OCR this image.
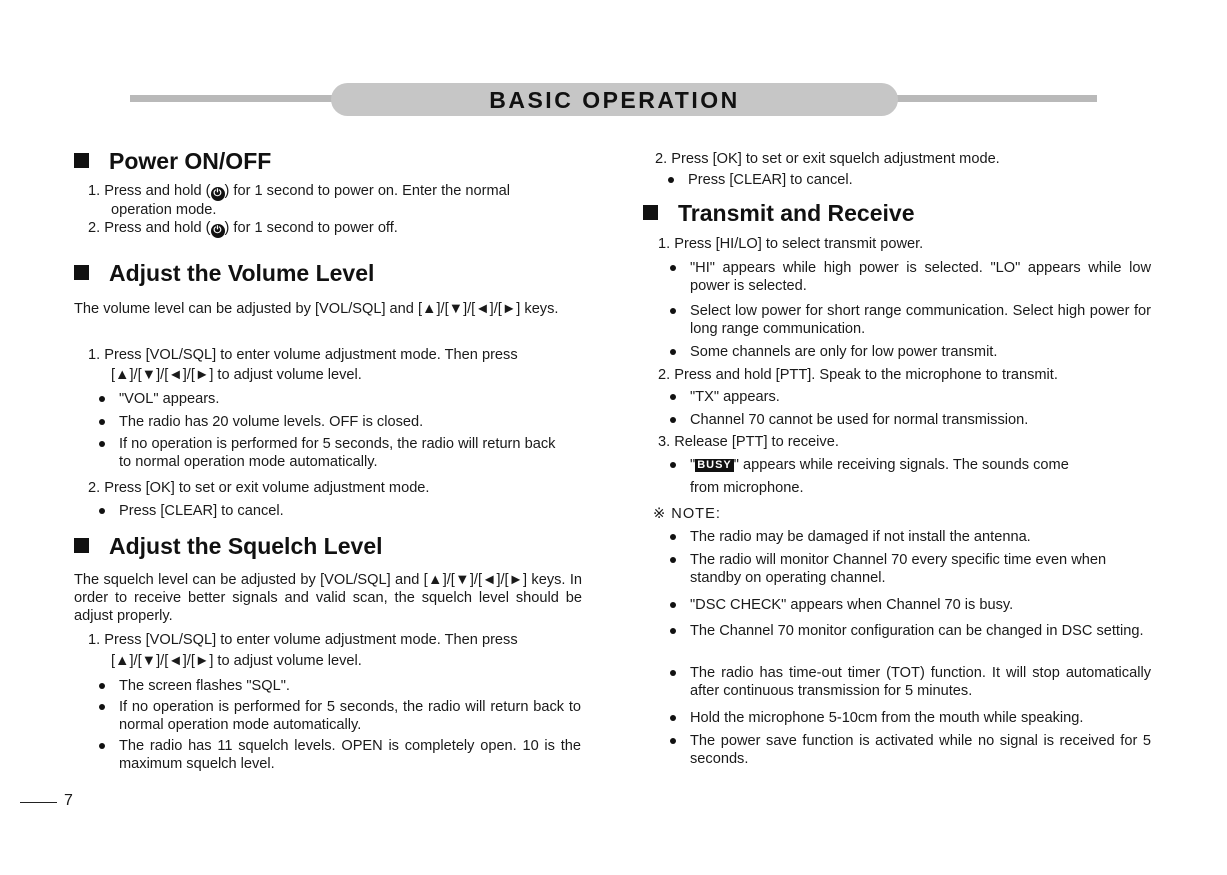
BASIC OPERATION
Power ON/OFF
1. Press and hold ( ⏻ ) for 1 second to power on. Enter the normal
operation mode.
2. Press and hold ( ⏻ ) for 1 second to power off.
Adjust the Volume Level
The volume level can be adjusted by [VOL/SQL] and [▲]/[▼]/[◄]/[►] keys.
1. Press [VOL/SQL] to enter volume adjustment mode. Then press
[▲]/[▼]/[◄]/[►] to adjust volume level.
"VOL" appears.
The radio has 20 volume levels. OFF is closed.
If no operation is performed for 5 seconds, the radio will return back to normal operation mode automatically.
2. Press [OK] to set or exit volume adjustment mode.
Press [CLEAR] to cancel.
Adjust the Squelch Level
The squelch level can be adjusted by [VOL/SQL] and [▲]/[▼]/[◄]/[►] keys. In order to receive better signals and valid scan, the squelch level should be adjust properly.
1. Press [VOL/SQL] to enter volume adjustment mode. Then press
[▲]/[▼]/[◄]/[►] to adjust volume level.
The screen flashes "SQL".
If no operation is performed for 5 seconds, the radio will return back to normal operation mode automatically.
The radio has 11 squelch levels. OPEN is completely open. 10 is the maximum squelch level.
2. Press [OK] to set or exit squelch adjustment mode.
Press [CLEAR] to cancel.
Transmit and Receive
1. Press [HI/LO] to select transmit power.
"HI" appears while high power is selected. "LO" appears while low power is selected.
Select low power for short range communication. Select high power for long range communication.
Some channels are only for low power transmit.
2. Press and hold [PTT]. Speak to the microphone to transmit.
"TX" appears.
Channel 70 cannot be used for normal transmission.
3. Release [PTT] to receive.
" BUSY " appears while receiving signals. The sounds come
from microphone.
※ NOTE:
The radio may be damaged if not install the antenna.
The radio will monitor Channel 70 every specific time even when standby on operating channel.
"DSC CHECK" appears when Channel 70 is busy.
The Channel 70 monitor configuration can be changed in DSC setting.
The radio has time-out timer (TOT) function. It will stop automatically after continuous transmission for 5 minutes.
Hold the microphone 5-10cm from the mouth while speaking.
The power save function is activated while no signal is received for 5 seconds.
7
